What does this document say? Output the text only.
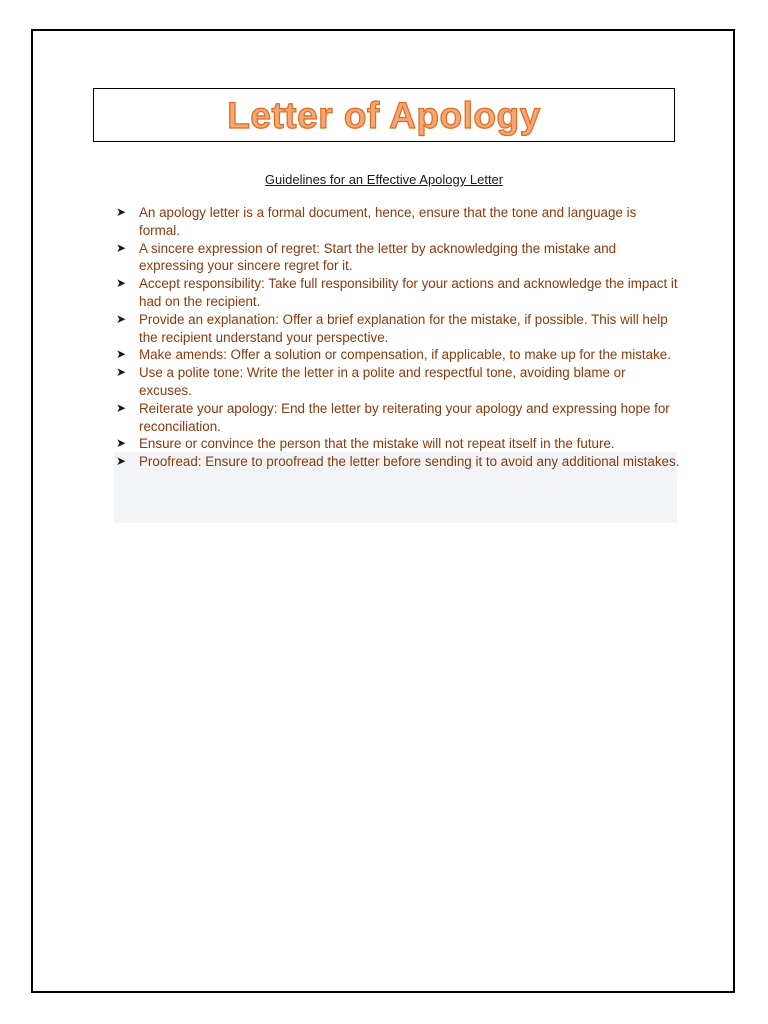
Letter of Apology
Guidelines for an Effective Apology Letter
➤ An apology letter is a formal document, hence, ensure that the tone and language is formal.
➤ A sincere expression of regret: Start the letter by acknowledging the mistake and expressing your sincere regret for it.
➤ Accept responsibility: Take full responsibility for your actions and acknowledge the impact it had on the recipient.
➤ Provide an explanation: Offer a brief explanation for the mistake, if possible. This will help the recipient understand your perspective.
➤ Make amends: Offer a solution or compensation, if applicable, to make up for the mistake.
➤ Use a polite tone: Write the letter in a polite and respectful tone, avoiding blame or excuses.
➤ Reiterate your apology: End the letter by reiterating your apology and expressing hope for reconciliation.
➤ Ensure or convince the person that the mistake will not repeat itself in the future.
➤ Proofread: Ensure to proofread the letter before sending it to avoid any additional mistakes.
